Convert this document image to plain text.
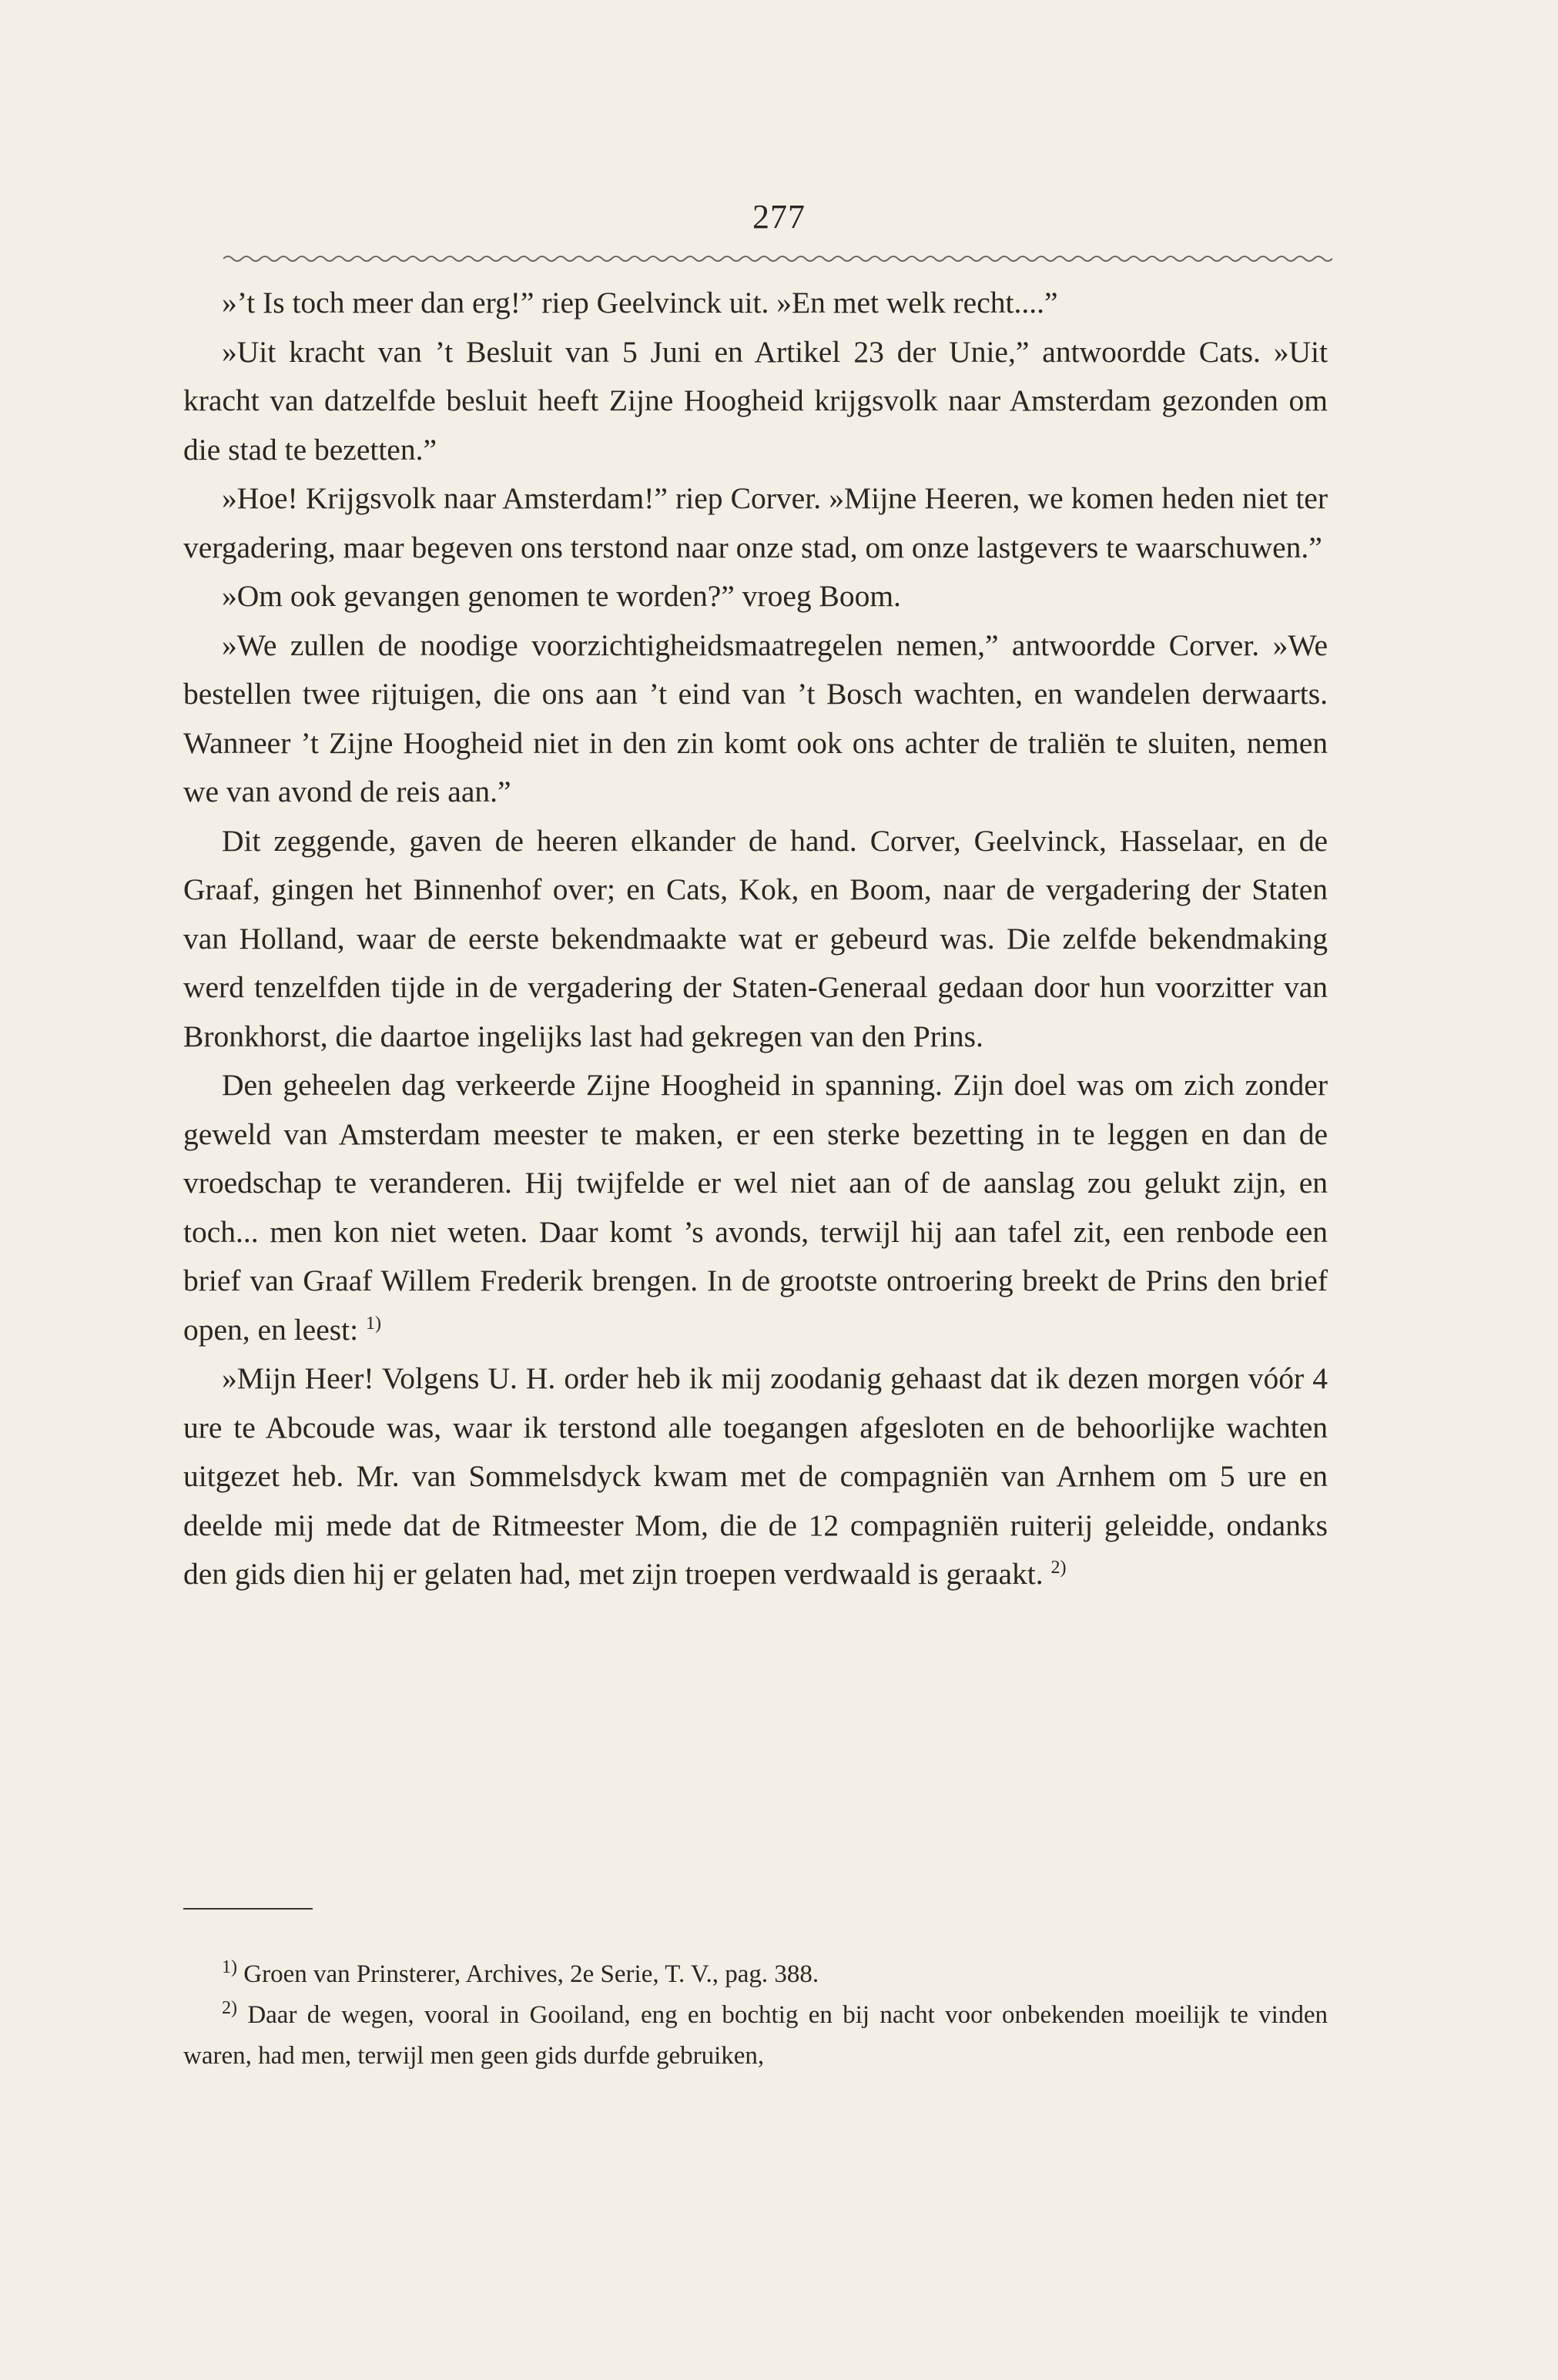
277

»’t Is toch meer dan erg!” riep Geelvinck uit. »En met welk recht....”

»Uit kracht van ’t Besluit van 5 Juni en Artikel 23 der Unie,” antwoordde Cats. »Uit kracht van datzelfde besluit heeft Zijne Hoogheid krijgsvolk naar Amsterdam gezonden om die stad te bezetten.”

»Hoe! Krijgsvolk naar Amsterdam!” riep Corver. »Mijne Heeren, we komen heden niet ter vergadering, maar begeven ons terstond naar onze stad, om onze lastgevers te waarschuwen.”

»Om ook gevangen genomen te worden?” vroeg Boom.

»We zullen de noodige voorzichtigheidsmaatregelen nemen,” antwoordde Corver. »We bestellen twee rijtuigen, die ons aan ’t eind van ’t Bosch wachten, en wandelen derwaarts. Wanneer ’t Zijne Hoogheid niet in den zin komt ook ons achter de traliën te sluiten, nemen we van avond de reis aan.”

Dit zeggende, gaven de heeren elkander de hand. Corver, Geelvinck, Hasselaar, en de Graaf, gingen het Binnenhof over; en Cats, Kok, en Boom, naar de vergadering der Staten van Holland, waar de eerste bekendmaakte wat er gebeurd was. Die zelfde bekendmaking werd tenzelfden tijde in de vergadering der Staten-Generaal gedaan door hun voorzitter van Bronkhorst, die daartoe ingelijks last had gekregen van den Prins.

Den geheelen dag verkeerde Zijne Hoogheid in spanning. Zijn doel was om zich zonder geweld van Amsterdam meester te maken, er een sterke bezetting in te leggen en dan de vroedschap te veranderen. Hij twijfelde er wel niet aan of de aanslag zou gelukt zijn, en toch... men kon niet weten. Daar komt ’s avonds, terwijl hij aan tafel zit, een renbode een brief van Graaf Willem Frederik brengen. In de grootste ontroering breekt de Prins den brief open, en leest: $^{1)}$

»Mijn Heer! Volgens U. H. order heb ik mij zoodanig gehaast dat ik dezen morgen vóór 4 ure te Abcoude was, waar ik terstond alle toegangen afgesloten en de behoorlijke wachten uitgezet heb. Mr. van Sommelsdyck kwam met de compagniën van Arnhem om 5 ure en deelde mij mede dat de Ritmeester Mom, die de 12 compagniën ruiterij geleidde, ondanks den gids dien hij er gelaten had, met zijn troepen verdwaald is geraakt. $^{2)}$

$^{1)}$ Groen van Prinsterer, Archives, 2e Serie, T. V., pag. 388.

$^{2)}$ Daar de wegen, vooral in Gooiland, eng en bochtig en bij nacht voor onbekenden moeilijk te vinden waren, had men, terwijl men geen gids durfde gebruiken,
